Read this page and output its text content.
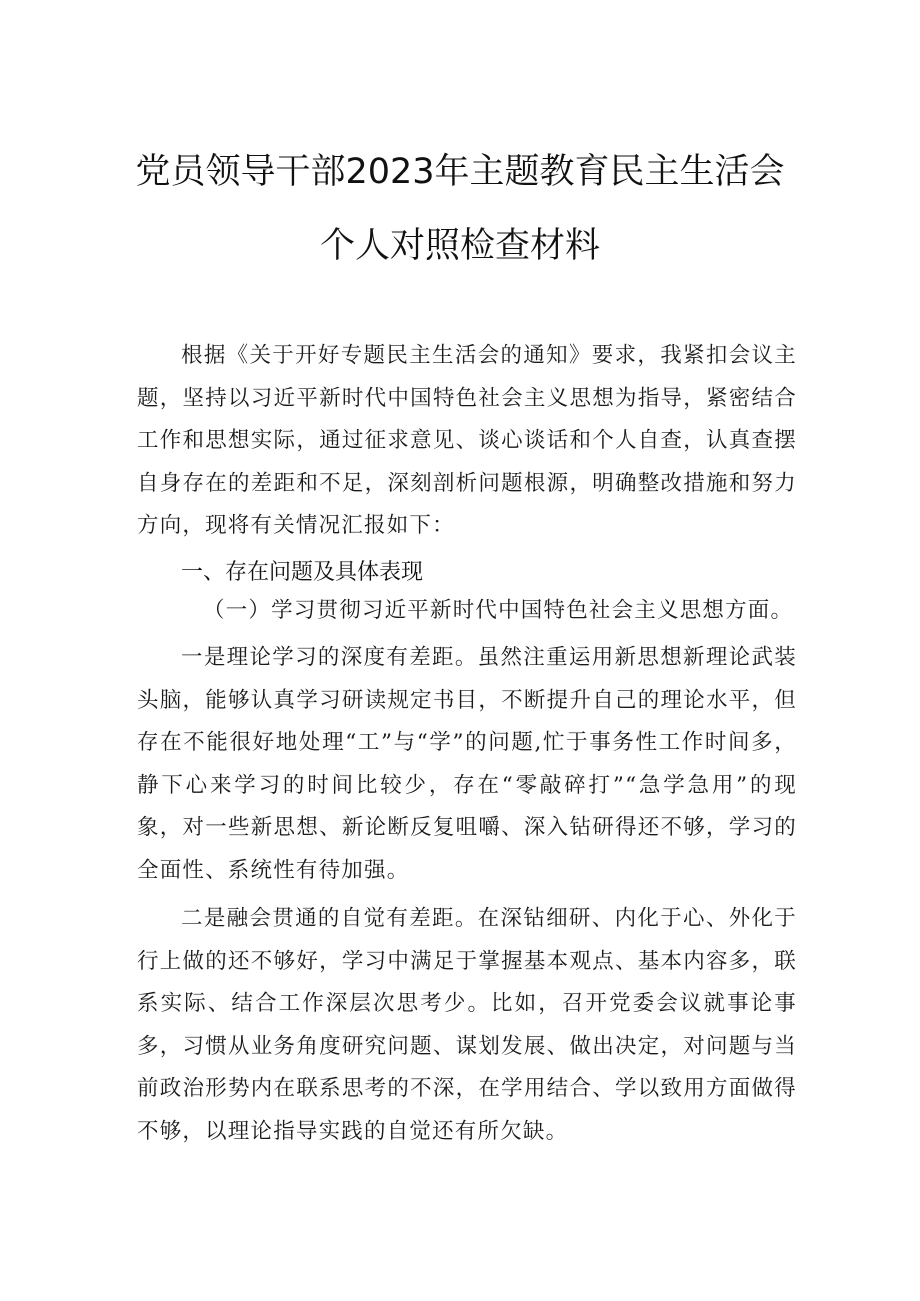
党员领导干部2023年主题教育民主生活会
个人对照检查材料

根据《关于开好专题民主生活会的通知》要求，我紧扣会议主题，坚持以习近平新时代中国特色社会主义思想为指导，紧密结合工作和思想实际，通过征求意见、谈心谈话和个人自查，认真查摆自身存在的差距和不足，深刻剖析问题根源，明确整改措施和努力方向，现将有关情况汇报如下：

一、存在问题及具体表现

（一）学习贯彻习近平新时代中国特色社会主义思想方面。

一是理论学习的深度有差距。虽然注重运用新思想新理论武装头脑，能够认真学习研读规定书目，不断提升自己的理论水平，但存在不能很好地处理“工”与“学”的问题,忙于事务性工作时间多，静下心来学习的时间比较少，存在“零敲碎打”“急学急用”的现象，对一些新思想、新论断反复咀嚼、深入钻研得还不够，学习的全面性、系统性有待加强。

二是融会贯通的自觉有差距。在深钻细研、内化于心、外化于行上做的还不够好，学习中满足于掌握基本观点、基本内容多，联系实际、结合工作深层次思考少。比如，召开党委会议就事论事多，习惯从业务角度研究问题、谋划发展、做出决定，对问题与当前政治形势内在联系思考的不深，在学用结合、学以致用方面做得不够，以理论指导实践的自觉还有所欠缺。
